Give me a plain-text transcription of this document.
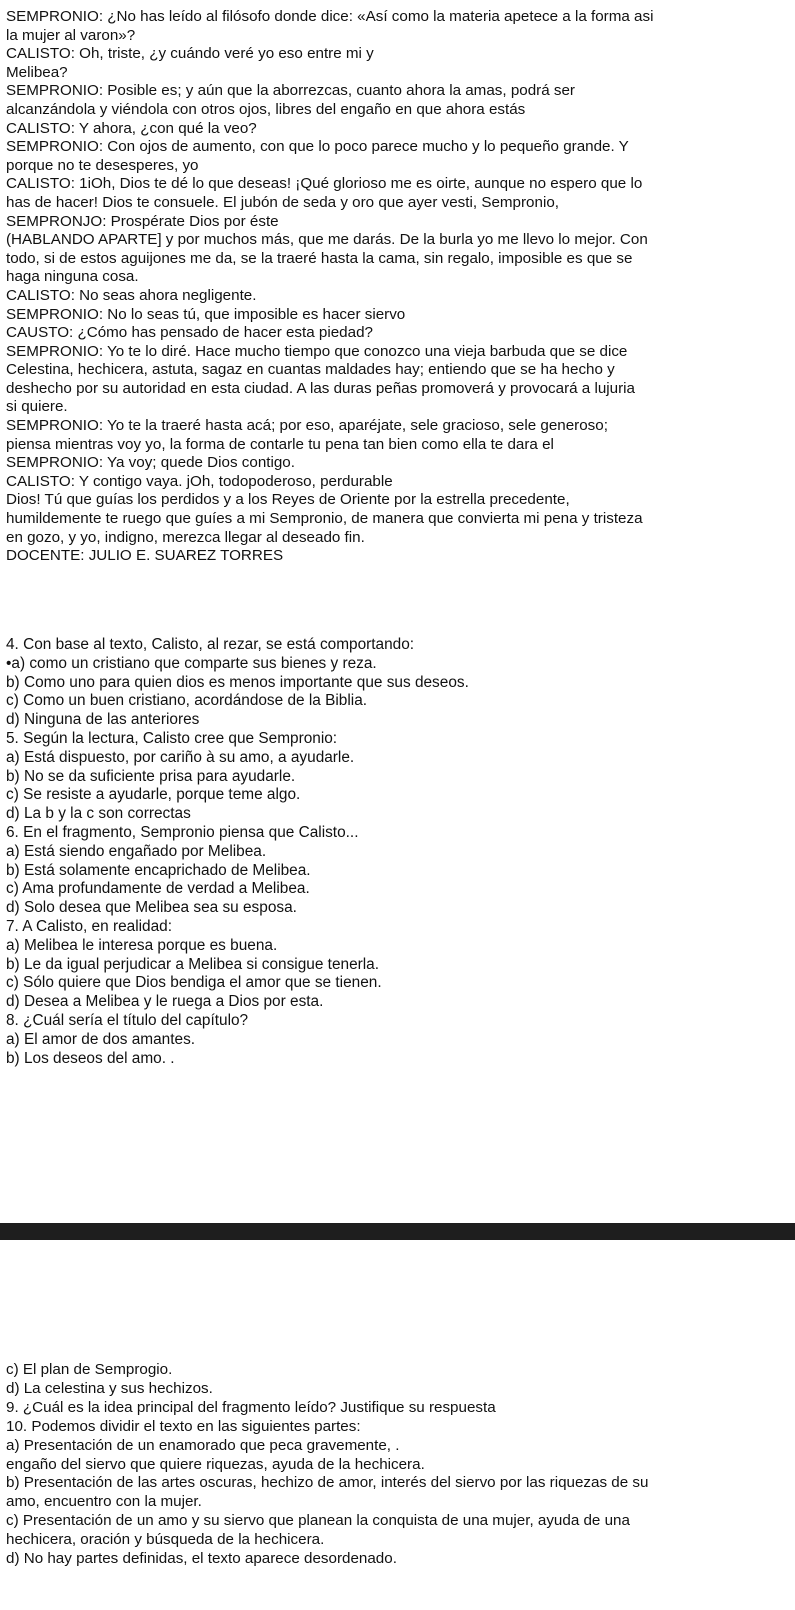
SEMPRONIO: ¿No has leído al filósofo donde dice: «Así como la materia apetece a la forma asi
la mujer al varon»?
CALISTO: Oh, triste, ¿y cuándo veré yo eso entre mi y
Melibea?
SEMPRONIO: Posible es; y aún que la aborrezcas, cuanto ahora la amas, podrá ser
alcanzándola y viéndola con otros ojos, libres del engaño en que ahora estás
CALISTO: Y ahora, ¿con qué la veo?
SEMPRONIO: Con ojos de aumento, con que lo poco parece mucho y lo pequeño grande. Y
porque no te desesperes, yo
CALISTO: 1iOh, Dios te dé lo que deseas! ¡Qué glorioso me es oirte, aunque no espero que lo
has de hacer! Dios te consuele. El jubón de seda y oro que ayer vesti, Sempronio,
SEMPRONJO: Prospérate Dios por éste
(HABLANDO APARTE] y por muchos más, que me darás. De la burla yo me llevo lo mejor. Con
todo, si de estos aguijones me da, se la traeré hasta la cama, sin regalo, imposible es que se
haga ninguna cosa.
CALISTO: No seas ahora negligente.
SEMPRONIO: No lo seas tú, que imposible es hacer siervo
CAUSTO: ¿Cómo has pensado de hacer esta piedad?
SEMPRONIO: Yo te lo diré. Hace mucho tiempo que conozco una vieja barbuda que se dice
Celestina, hechicera, astuta, sagaz en cuantas maldades hay; entiendo que se ha hecho y
deshecho por su autoridad en esta ciudad. A las duras peñas promoverá y provocará a lujuria
si quiere.
SEMPRONIO: Yo te la traeré hasta acá; por eso, aparéjate, sele gracioso, sele generoso;
piensa mientras voy yo, la forma de contarle tu pena tan bien como ella te dara el
SEMPRONIO: Ya voy; quede Dios contigo.
CALISTO: Y contigo vaya. jOh, todopoderoso, perdurable
Dios! Tú que guías los perdidos y a los Reyes de Oriente por la estrella precedente,
humildemente te ruego que guíes a mi Sempronio, de manera que convierta mi pena y tristeza
en gozo, y yo, indigno, merezca llegar al deseado fin.
DOCENTE: JULIO E. SUAREZ TORRES
4. Con base al texto, Calisto, al rezar, se está comportando:
•a) como un cristiano que comparte sus bienes y reza.
b) Como uno para quien dios es menos importante que sus deseos.
c) Como un buen cristiano, acordándose de la Biblia.
d) Ninguna de las anteriores
5. Según la lectura, Calisto cree que Sempronio:
a) Está dispuesto, por cariño à su amo, a ayudarle.
b) No se da suficiente prisa para ayudarle.
c) Se resiste a ayudarle, porque teme algo.
d) La b y la c son correctas
6. En el fragmento, Sempronio piensa que Calisto...
a) Está siendo engañado por Melibea.
b) Está solamente encaprichado de Melibea.
c) Ama profundamente de verdad a Melibea.
d) Solo desea que Melibea sea su esposa.
7. A Calisto, en realidad:
a) Melibea le interesa porque es buena.
b) Le da igual perjudicar a Melibea si consigue tenerla.
c) Sólo quiere que Dios bendiga el amor que se tienen.
d) Desea a Melibea y le ruega a Dios por esta.
8. ¿Cuál sería el título del capítulo?
a) El amor de dos amantes.
b) Los deseos del amo. .
c) El plan de Semprogio.
d) La celestina y sus hechizos.
9. ¿Cuál es la idea principal del fragmento leído? Justifique su respuesta
10. Podemos dividir el texto en las siguientes partes:
a) Presentación de un enamorado que peca gravemente, .
engaño del siervo que quiere riquezas, ayuda de la hechicera.
b) Presentación de las artes oscuras, hechizo de amor, interés del siervo por las riquezas de su
amo, encuentro con la mujer.
c) Presentación de un amo y su siervo que planean la conquista de una mujer, ayuda de una
hechicera, oración y búsqueda de la hechicera.
d) No hay partes definidas, el texto aparece desordenado.
